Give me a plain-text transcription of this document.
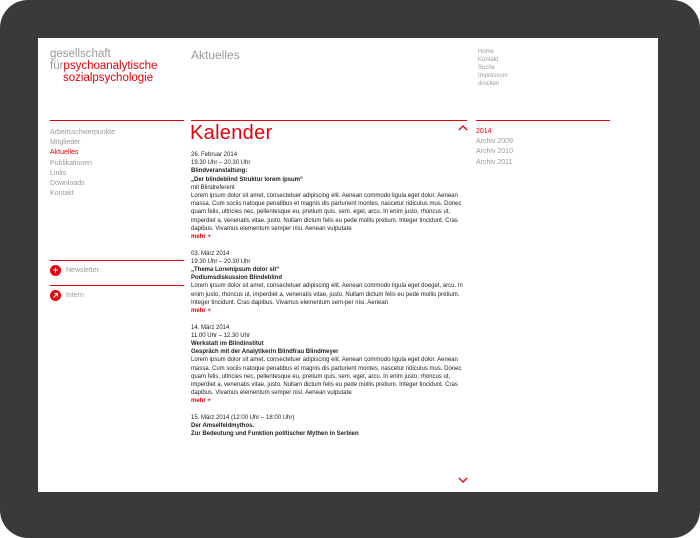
gesellschaft
fürpsychoanalytische
sozialpsychologie
Aktuelles	Home
Kontakt
Suche
Impressum
drucken
Arbeitsschwerpunkte
Mitglieder
Aktuelles
Publikationen
Links
Downloads
Kontakt
+	Newsletter
Intern
Kalender
26. Februar 2014
19.30 Uhr – 20.30 Uhr
Blindveranstaltung:
„Der blindeblind Struktur lorem ipsum“
mit Blindreferent
Lorem ipsum dolor sit amet, consectetuer adipiscing elit. Aenean commodo ligula eget dolor. Aenean massa. Cum sociis natoque penatibus et magnis dis parturient montes, nascetur ridiculus mus. Donec quam felis, ultricies nec, pellentesque eu, pretium quis, sem. eget, arcu. In enim justo, rhoncus ut, imperdiet a, venenatis vitae, justo. Nullam dictum felis eu pede mollis pretium. Integer tincidunt. Cras dapibus. Vivamus elementum semper nisi. Aenean vulputate
mehr +
03. März 2014
19.30 Uhr – 20.30 Uhr
„Thema Loremipsum dolor sit“
Podiumsdiskussion Blindeblind
Lorem ipsum dolor sit amet, consectetuer adipiscing elit. Aenean commodo ligula eget doeget, arcu. In enim justo, rhoncus ut, imperdiet a, venenatis vitae, justo. Nullam dictum felis eu pede mollis pretium. Integer tincidunt. Cras dapibus. Vivamus elementum sem-per nisi. Aenean
mehr +
14. März 2014
11.00 Uhr – 12.30 Uhr
Werkstatt im Blindinstitut
Gespräch mit der Analytikerin Blindfrau Blindmeyer
Lorem ipsum dolor sit amet, consectetuer adipiscing elit. Aenean commodo ligula eget dolor. Aenean massa. Cum sociis natoque penatibus et magnis dis parturient montes, nascetur ridiculus mus. Donec quam felis, ultricies nec, pellentesque eu, pretium quis, sem. eget, arcu. In enim justo, rhoncus ut, imperdiet a, venenatis vitae, justo. Nullam dictum felis eu pede mollis pretium. Integer tincidunt. Cras dapibus. Vivamus elementum semper nisi. Aenean vulputate
mehr +
15. März 2014 (12:00 Uhr – 18:00 Uhr)
Der Amselfeldmythos.
Zur Bedeutung und Funktion politischer Mythen in Serbien
2014
Archiv 2009
Archiv 2010
Archiv 2011
